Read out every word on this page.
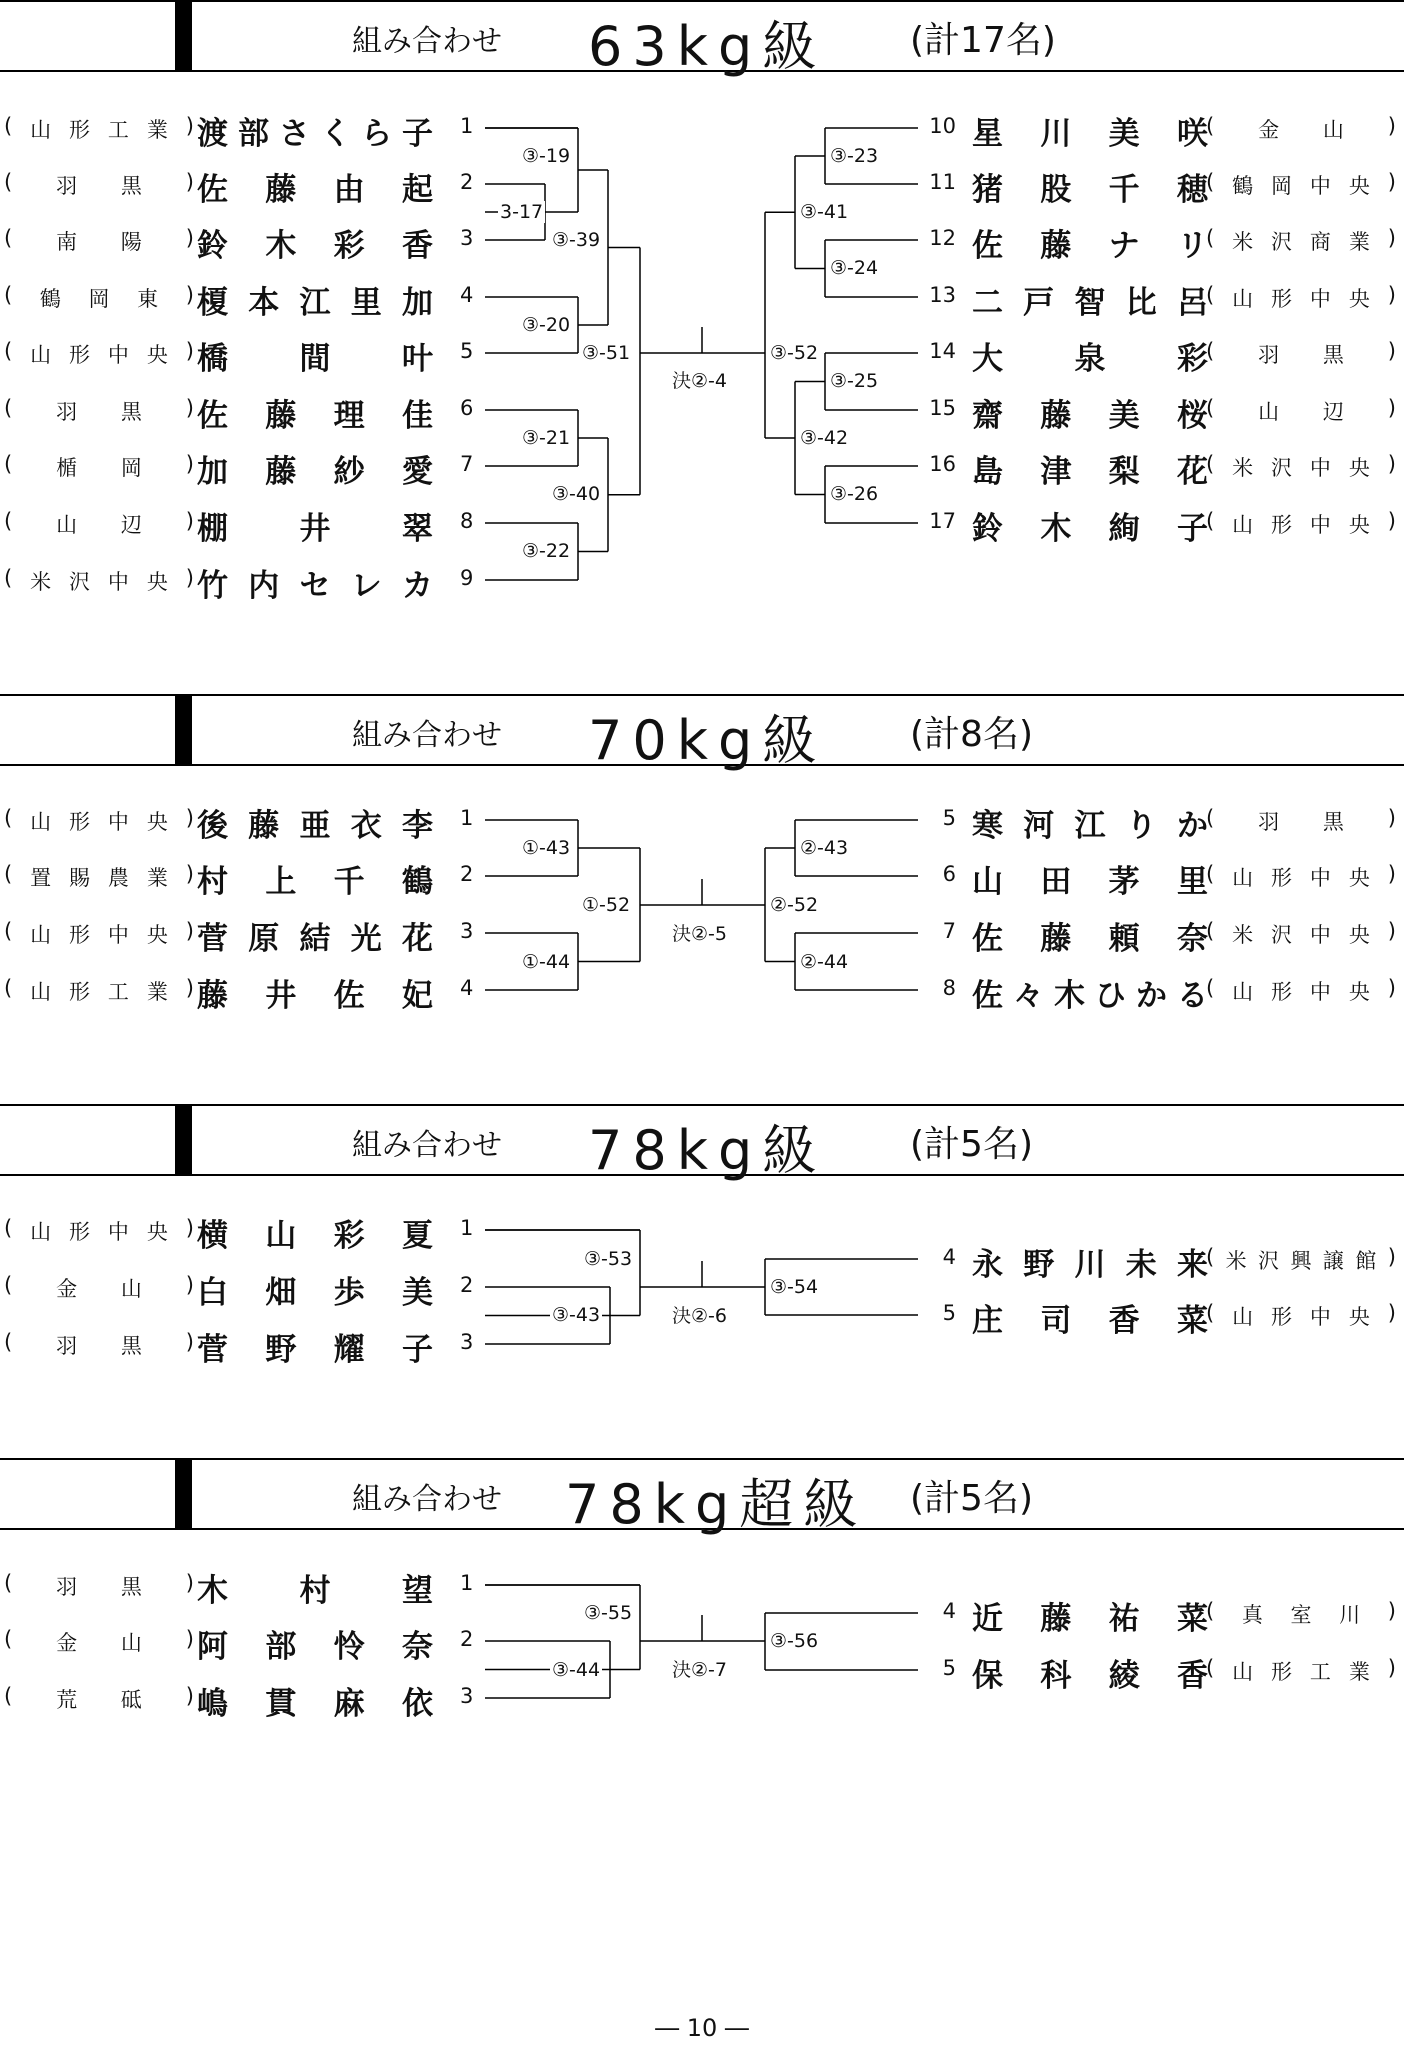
( 山 形 工 業 ) 渡 部 さ く ら 子 1
( 羽 黒 ) 佐 藤 由 起 2
( 南 陽 ) 鈴 木 彩 香 3
( 鶴 岡 東 ) 榎 本 江 里 加 4
( 山 形 中 央 ) 橋 間 叶 5
( 羽 黒 ) 佐 藤 理 佳 6
( 楯 岡 ) 加 藤 紗 愛 7
( 山 辺 ) 棚 井 翠 8
( 米 沢 中 央 ) 竹 内 セ レ カ 9
( 金 山 )
星 川 美 咲
10
( 鶴 岡 中 央 )
猪 股 千 穂
11
( 米 沢 商 業 )
佐 藤 ナ リ
12
( 山 形 中 央 )
二 戸 智 比 呂
13
( 羽 黒 )
大 泉 彩
14
( 山 辺 )
齋 藤 美 桜
15
( 米 沢 中 央 )
島 津 梨 花
16
( 山 形 中 央 )
鈴 木 絢 子
17
( 山 形 中 央 ) 後 藤 亜 衣 李 1
( 置 賜 農 業 ) 村 上 千 鶴 2
( 山 形 中 央 ) 菅 原 結 光 花 3
( 山 形 工 業 ) 藤 井 佐 妃 4
( 羽 黒 )
寒 河 江 り か
5
( 山 形 中 央 )
山 田 茅 里
6
( 米 沢 中 央 )
佐 藤 頼 奈
7
( 山 形 中 央 )
佐 々 木 ひ か る
8
( 山 形 中 央 ) 横 山 彩 夏 1
( 金 山 ) 白 畑 歩 美 2
( 羽 黒 ) 菅 野 耀 子 3
( 米 沢 興 譲 館 )
永 野 川 未 来
4
( 山 形 中 央 )
庄 司 香 菜
5
( 羽 黒 ) 木 村 望 1
( 金 山 ) 阿 部 怜 奈 2
( 荒 砥 ) 嶋 貫 麻 依 3
( 真 室 川 )
近 藤 祐 菜
4
( 山 形 工 業 )
保 科 綾 香
5
③-19
3-17
③-39
③-20
③-51
③-21
③-40
③-22
決②-4
③-52
③-23
③-41
③-24
③-25
③-42
③-26
①-43
①-52
①-44
決②-5
②-43
②-52
②-44
③-53
③-43	決②-6
③-54
③-55
③-44	決②-7
③-56
組み合わせ 63kg級 (計17名)
組み合わせ 70kg級 (計8名)
組み合わせ 78kg級 (計5名)
組み合わせ 78kg超級 (計5名)
― 10 ―
